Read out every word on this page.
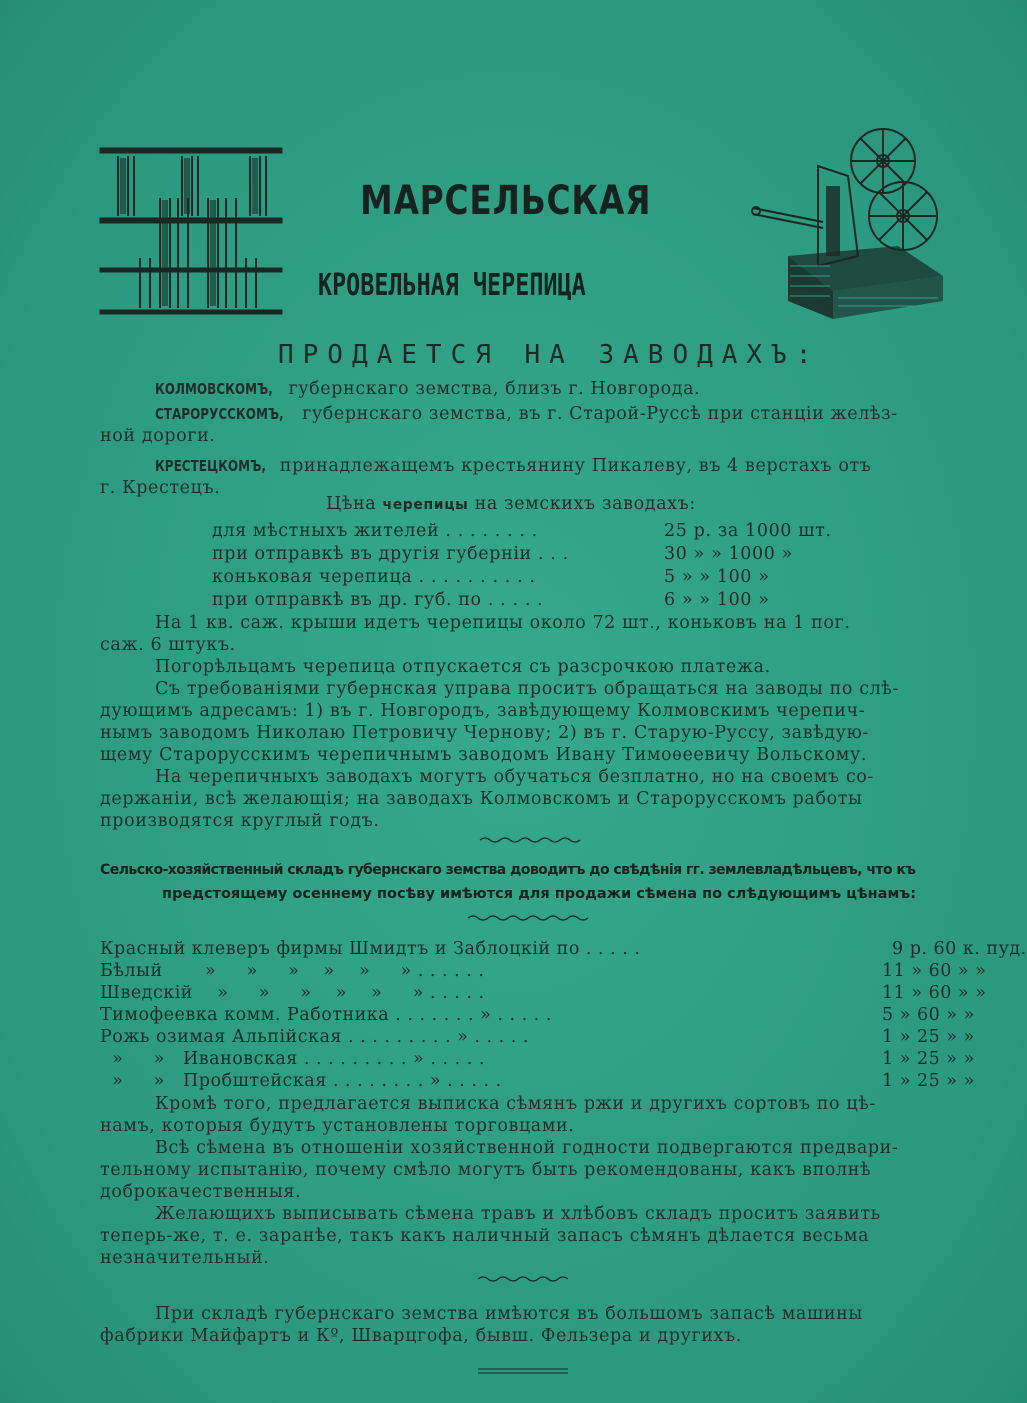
МАРСЕЛЬСКАЯ
КРОВЕЛЬНАЯ ЧЕРЕПИЦА
ПРОДАЕТСЯ НА ЗАВОДАХЪ:
КОЛМОВСКОМЪ, губернскаго земства, близъ г. Новгорода.
СТАРОРУССКОМЪ, губернскаго земства, въ г. Старой-Руссѣ при станціи желѣз-
ной дороги.
КРЕСТЕЦКОМЪ, принадлежащемъ крестьянину Пикалеву, въ 4 верстахъ отъ
г. Крестецъ.
Цѣна черепицы на земскихъ заводахъ:
для мѣстныхъ жителей . . . . . . . .	25 р. за 1000 шт.
при отправкѣ въ другія губерніи . . .	30 » » 1000 »
коньковая черепица . . . . . . . . . .	5 » » 100 »
при отправкѣ въ др. губ. по . . . . .	6 » » 100 »
На 1 кв. саж. крыши идетъ черепицы около 72 шт., коньковъ на 1 пог.
саж. 6 штукъ.
Погорѣльцамъ черепица отпускается съ разсрочкою платежа.
Съ требованіями губернская управа проситъ обращаться на заводы по слѣ-
дующимъ адресамъ: 1) въ г. Новгородъ, завѣдующему Колмовскимъ черепич-
нымъ заводомъ Николаю Петровичу Чернову; 2) въ г. Старую-Руссу, завѣдую-
щему Старорусскимъ черепичнымъ заводомъ Ивану Тимоѳеевичу Вольскому.
На черепичныхъ заводахъ могутъ обучаться безплатно, но на своемъ со-
держаніи, всѣ желающія; на заводахъ Колмовскомъ и Старорусскомъ работы
производятся круглый годъ.
Сельско-хозяйственный складъ губернскаго земства доводитъ до свѣдѣнія гг. землевладѣльцевъ, что къ
предстоящему осеннему посѣву имѣются для продажи сѣмена по слѣдующимъ цѣнамъ:
Красный клеверъ фирмы Шмидтъ и Заблоцкій по . . . . .	9 р. 60 к. пуд.
Бѣлый       »     »     »    »    »     » . . . . . .	11 » 60 » »
Шведскій    »     »     »    »    »     » . . . . .	11 » 60 » »
Тимофеевка комм. Работника . . . . . . . » . . . . .	5 » 60 » »
Рожь озимая Альпійская . . . . . . . . . » . . . . .	1 » 25 » »
»     »   Ивановская . . . . . . . . . » . . . . .	1 » 25 » »
»     »   Пробштейская . . . . . . . . » . . . . .	1 » 25 » »
Кромѣ того, предлагается выписка сѣмянъ ржи и другихъ сортовъ по цѣ-
намъ, которыя будутъ установлены торговцами.
Всѣ сѣмена въ отношеніи хозяйственной годности подвергаются предвари-
тельному испытанію, почему смѣло могутъ быть рекомендованы, какъ вполнѣ
доброкачественныя.
Желающихъ выписывать сѣмена травъ и хлѣбовъ складъ проситъ заявить
теперь-же, т. е. заранѣе, такъ какъ наличный запасъ сѣмянъ дѣлается весьма
незначительный.
При складѣ губернскаго земства имѣются въ большомъ запасѣ машины
фабрики Майфартъ и Кº, Шварцгофа, бывш. Фельзера и другихъ.
